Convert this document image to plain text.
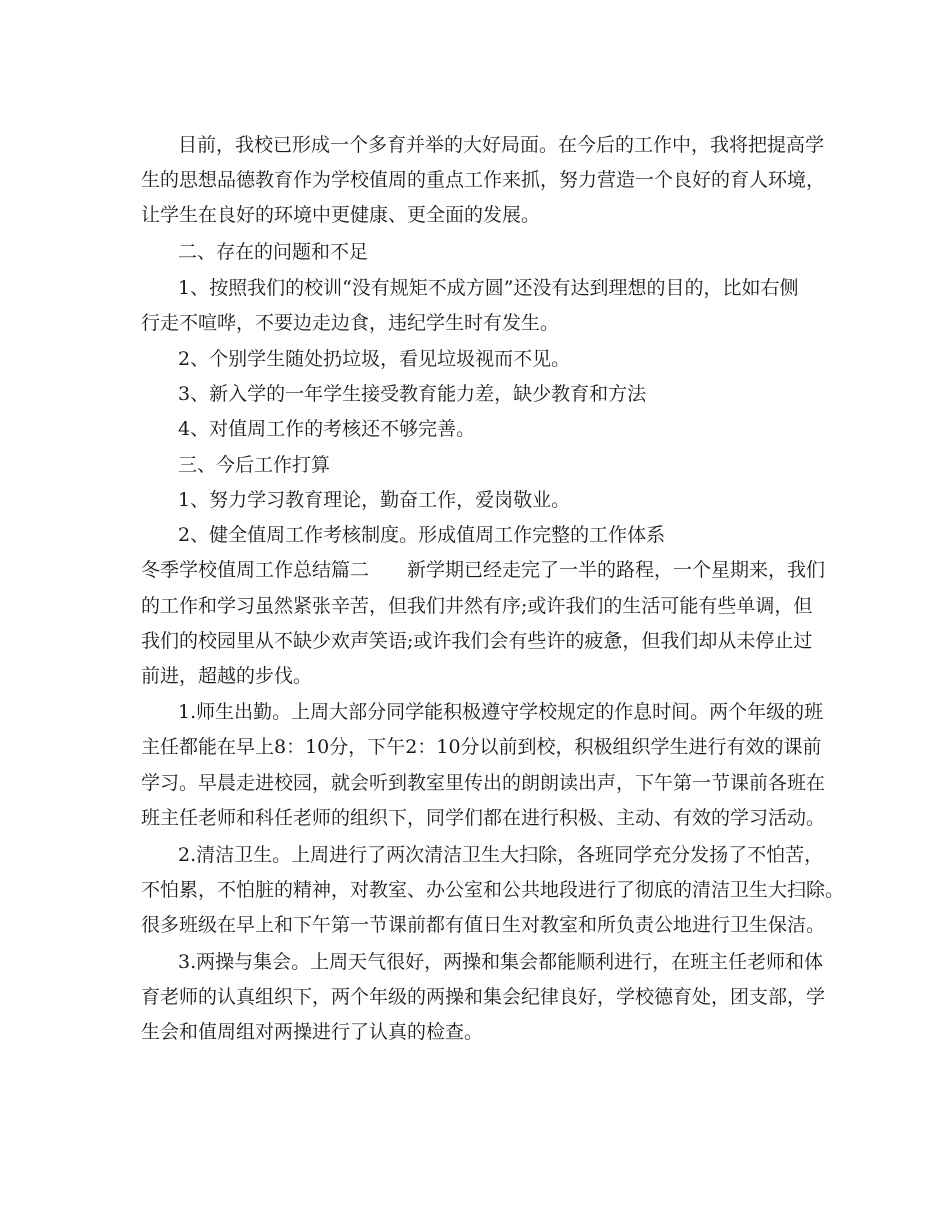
目前，我校已形成一个多育并举的大好局面。在今后的工作中，我将把提高学
生的思想品德教育作为学校值周的重点工作来抓，努力营造一个良好的育人环境，
让学生在良好的环境中更健康、更全面的发展。
二、存在的问题和不足
1、按照我们的校训“没有规矩不成方圆”还没有达到理想的目的，比如右侧
行走不喧哗，不要边走边食，违纪学生时有发生。
2、个别学生随处扔垃圾，看见垃圾视而不见。
3、新入学的一年学生接受教育能力差，缺少教育和方法
4、对值周工作的考核还不够完善。
三、今后工作打算
1、努力学习教育理论，勤奋工作，爱岗敬业。
2、健全值周工作考核制度。形成值周工作完整的工作体系
冬季学校值周工作总结篇二　　新学期已经走完了一半的路程，一个星期来，我们
的工作和学习虽然紧张辛苦，但我们井然有序;或许我们的生活可能有些单调，但
我们的校园里从不缺少欢声笑语;或许我们会有些许的疲惫，但我们却从未停止过
前进，超越的步伐。
1.师生出勤。上周大部分同学能积极遵守学校规定的作息时间。两个年级的班
主任都能在早上8：10分，下午2：10分以前到校，积极组织学生进行有效的课前
学习。早晨走进校园，就会听到教室里传出的朗朗读出声，下午第一节课前各班在
班主任老师和科任老师的组织下，同学们都在进行积极、主动、有效的学习活动。
2.清洁卫生。上周进行了两次清洁卫生大扫除，各班同学充分发扬了不怕苦，
不怕累，不怕脏的精神，对教室、办公室和公共地段进行了彻底的清洁卫生大扫除。
很多班级在早上和下午第一节课前都有值日生对教室和所负责公地进行卫生保洁。
3.两操与集会。上周天气很好，两操和集会都能顺利进行，在班主任老师和体
育老师的认真组织下，两个年级的两操和集会纪律良好，学校德育处，团支部，学
生会和值周组对两操进行了认真的检查。
